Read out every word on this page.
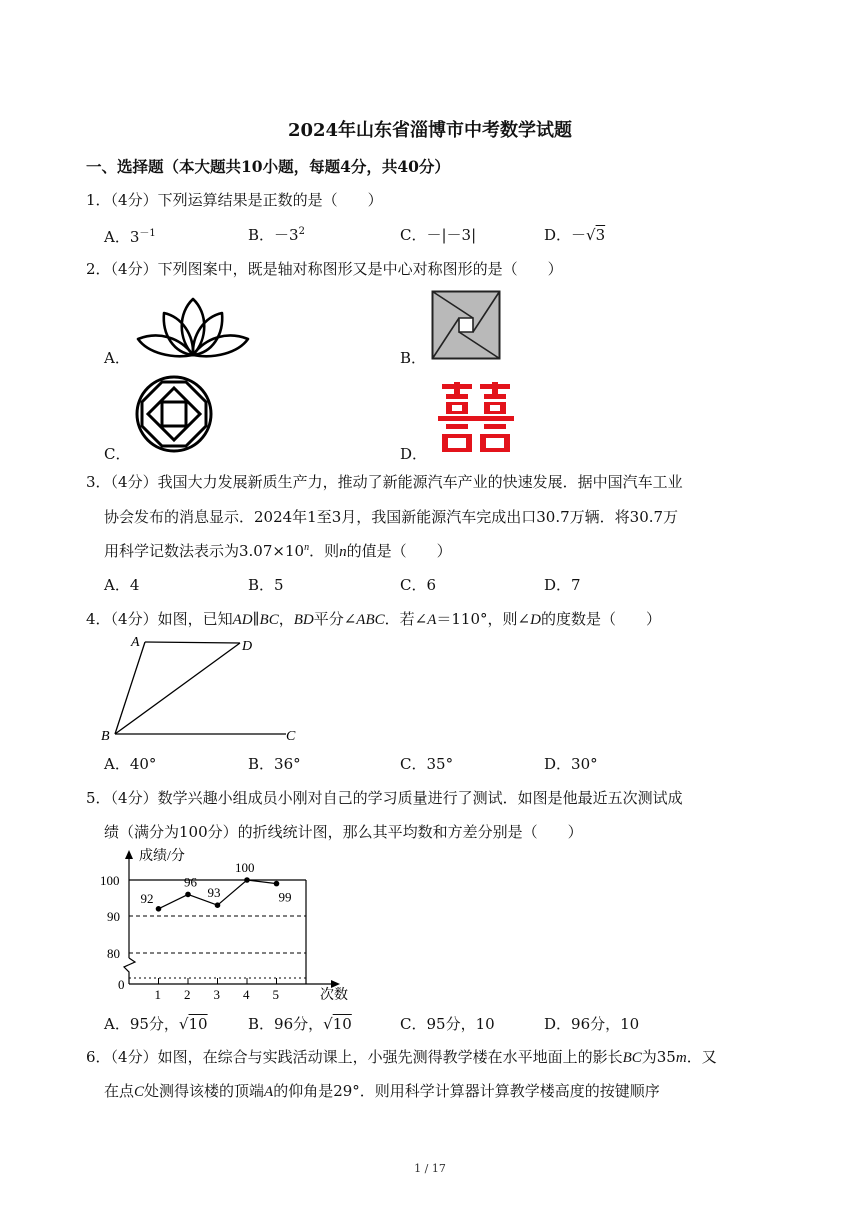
2024年山东省淄博市中考数学试题
一、选择题（本大题共10小题，每题4分，共40分）
1．（4分）下列运算结果是正数的是（　　）
A．$3^{-1}$	B．$-3^2$	C．－|－3|	D．－√3
2．（4分）下列图案中，既是轴对称图形又是中心对称图形的是（　　）
A．	B．
C．	D．
3．（4分）我国大力发展新质生产力，推动了新能源汽车产业的快速发展．据中国汽车工业
协会发布的消息显示．2024年1至3月，我国新能源汽车完成出口30.7万辆．将30.7万
用科学记数法表示为$3.07\times 10^n$．则n的值是（　　）
A．4	B．5	C．6	D．7
4．（4分）如图，已知AD∥BC，BD平分∠ABC．若∠A＝110°，则∠D的度数是（　　）
A	D
B	C
A．40°	B．36°	C．35°	D．30°
5．（4分）数学兴趣小组成员小刚对自己的学习质量进行了测试．如图是他最近五次测试成
绩（满分为100分）的折线统计图，那么其平均数和方差分别是（　　）
成绩/分
次数
100
90
80
0
92
96
93
100
99
1 2 3 4 5
A．95分，√10	B．96分，√10	C．95分，10	D．96分，10
6．（4分）如图，在综合与实践活动课上，小强先测得教学楼在水平地面上的影长BC为35m．又
在点C处测得该楼的顶端A的仰角是29°．则用科学计算器计算教学楼高度的按键顺序
1 / 17
